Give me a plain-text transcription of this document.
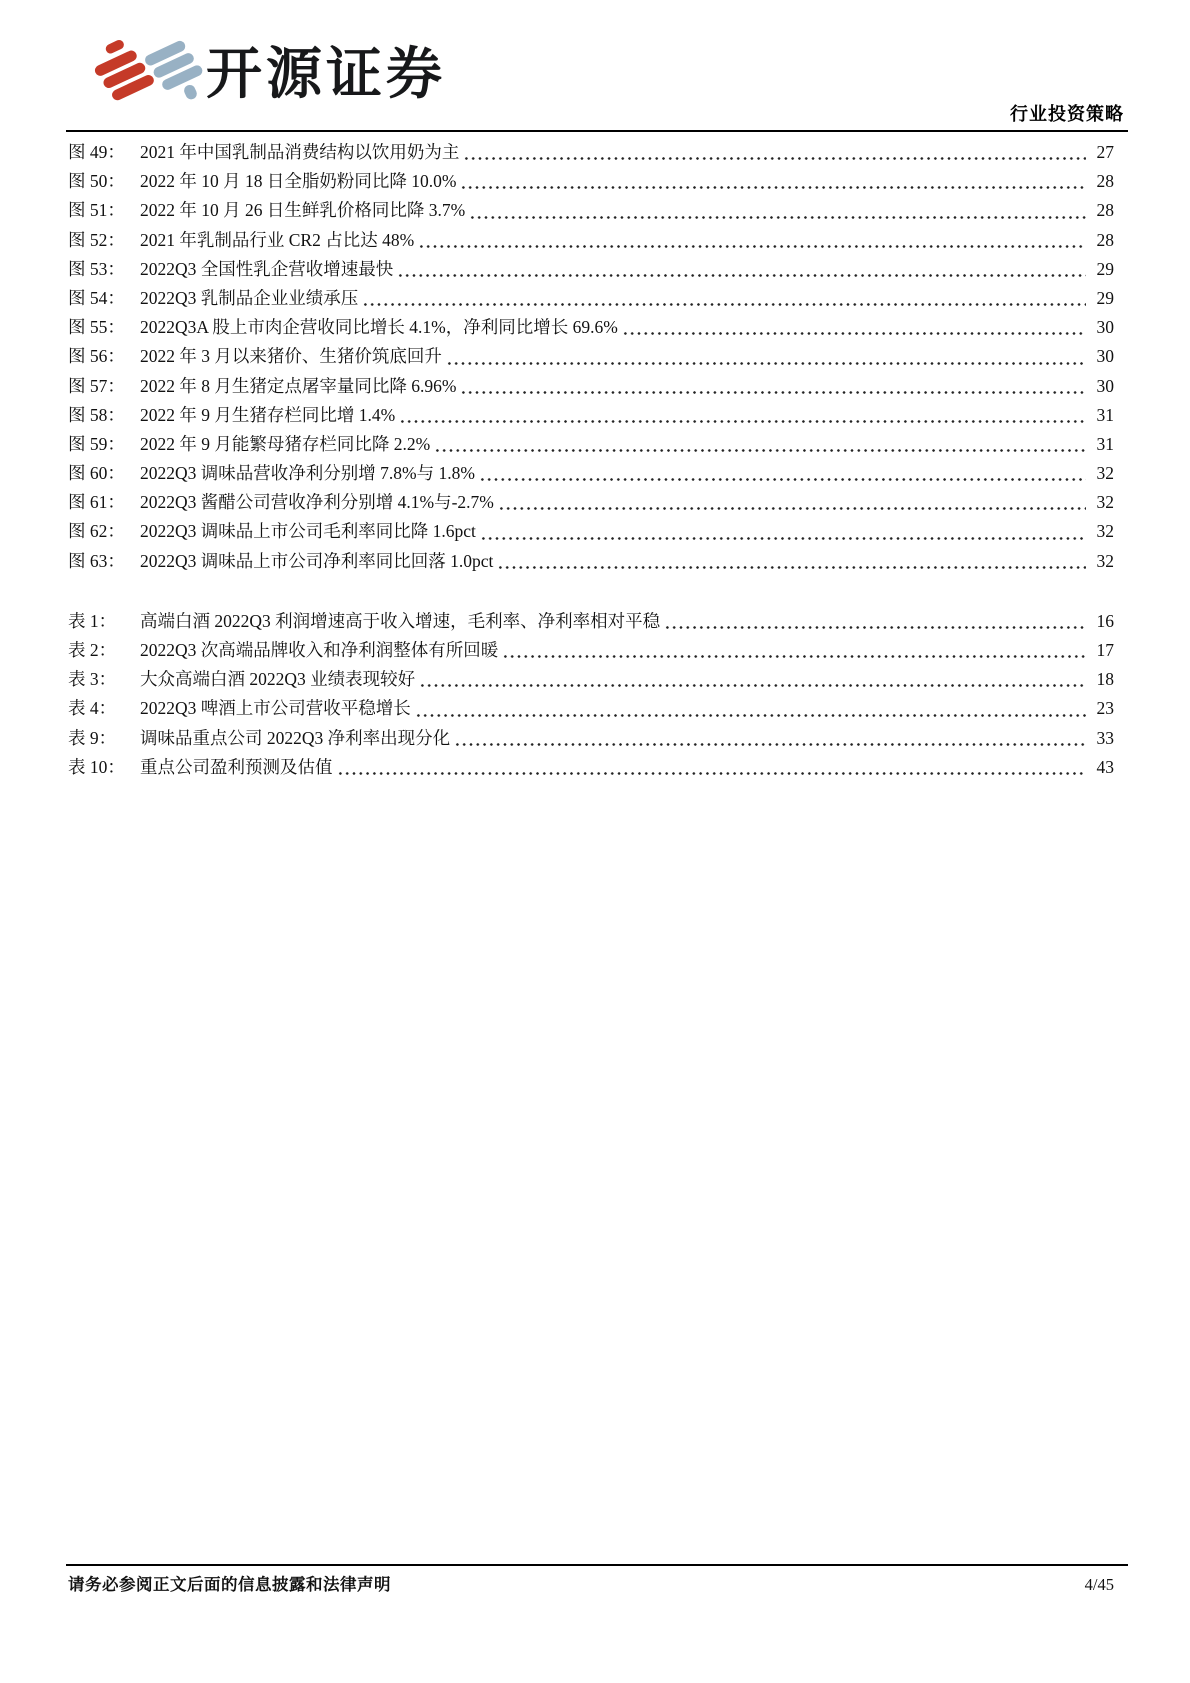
开源证券
行业投资策略
图 49： 2021 年中国乳制品消费结构以饮用奶为主	27
图 50： 2022 年 10 月 18 日全脂奶粉同比降 10.0%	28
图 51： 2022 年 10 月 26 日生鲜乳价格同比降 3.7%	28
图 52： 2021 年乳制品行业 CR2 占比达 48%	28
图 53： 2022Q3 全国性乳企营收增速最快	29
图 54： 2022Q3 乳制品企业业绩承压	29
图 55： 2022Q3A 股上市肉企营收同比增长 4.1%，净利同比增长 69.6%	30
图 56： 2022 年 3 月以来猪价、生猪价筑底回升	30
图 57： 2022 年 8 月生猪定点屠宰量同比降 6.96%	30
图 58： 2022 年 9 月生猪存栏同比增 1.4%	31
图 59： 2022 年 9 月能繁母猪存栏同比降 2.2%	31
图 60： 2022Q3 调味品营收净利分别增 7.8%与 1.8%	32
图 61： 2022Q3 酱醋公司营收净利分别增 4.1%与-2.7%	32
图 62： 2022Q3 调味品上市公司毛利率同比降 1.6pct	32
图 63： 2022Q3 调味品上市公司净利率同比回落 1.0pct	32
表 1：	高端白酒 2022Q3 利润增速高于收入增速，毛利率、净利率相对平稳	16
表 2：	2022Q3 次高端品牌收入和净利润整体有所回暖	17
表 3：	大众高端白酒 2022Q3 业绩表现较好	18
表 4：	2022Q3 啤酒上市公司营收平稳增长	23
表 9：	调味品重点公司 2022Q3 净利率出现分化	33
表 10： 重点公司盈利预测及估值	43
请务必参阅正文后面的信息披露和法律声明	4/45
